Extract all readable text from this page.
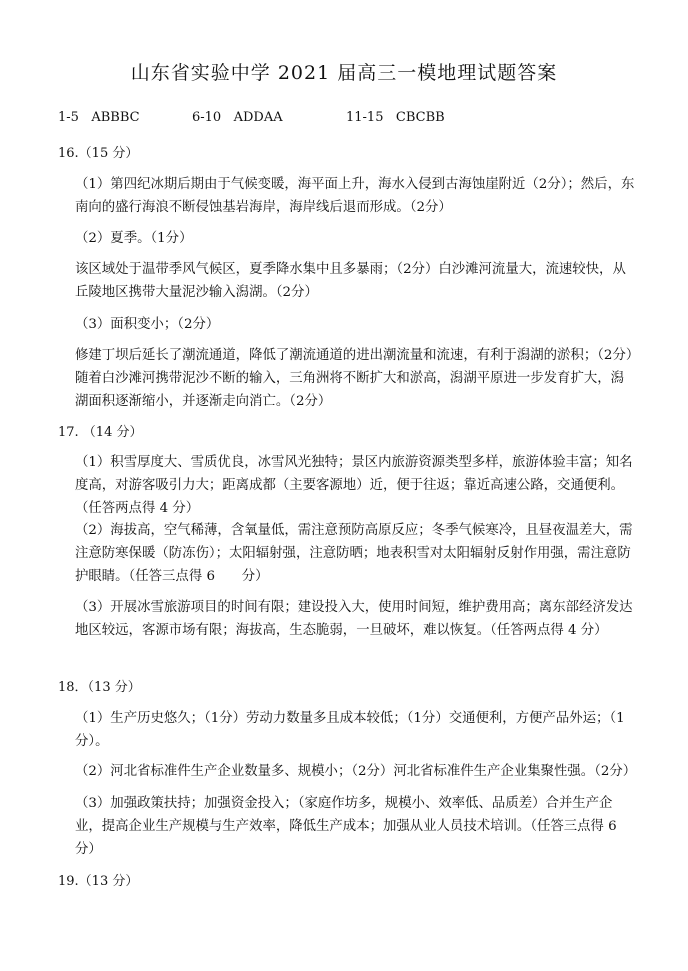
山东省实验中学 2021 届高三一模地理试题答案
1-5 ABBBC	6-10 ADDAA	11-15 CBCBB
16.（15 分）
（1）第四纪冰期后期由于气候变暖，海平面上升，海水入侵到古海蚀崖附近（2分）；然后，东南向的盛行海浪不断侵蚀基岩海岸，海岸线后退而形成。（2分）
（2）夏季。（1分）
该区域处于温带季风气候区，夏季降水集中且多暴雨；（2分）白沙滩河流量大，流速较快，从丘陵地区携带大量泥沙输入潟湖。（2分）
（3）面积变小；（2分）
修建丁坝后延长了潮流通道，降低了潮流通道的进出潮流量和流速，有利于潟湖的淤积；（2分）随着白沙滩河携带泥沙不断的输入，三角洲将不断扩大和淤高，潟湖平原进一步发育扩大，潟湖面积逐渐缩小，并逐渐走向消亡。（2分）
17. （14 分）
（1）积雪厚度大、雪质优良，冰雪风光独特；景区内旅游资源类型多样，旅游体验丰富；知名度高，对游客吸引力大；距离成都（主要客源地）近，便于往返；靠近高速公路，交通便利。（任答两点得 4 分）
（2）海拔高，空气稀薄，含氧量低，需注意预防高原反应；冬季气候寒冷，且昼夜温差大，需注意防寒保暖（防冻伤）；太阳辐射强，注意防晒；地表积雪对太阳辐射反射作用强，需注意防护眼睛。（任答三点得 6　　分）
（3）开展冰雪旅游项目的时间有限；建设投入大，使用时间短，维护费用高；离东部经济发达地区较远，客源市场有限；海拔高，生态脆弱，一旦破坏，难以恢复。（任答两点得 4 分）
18．（13 分）
（1）生产历史悠久；（1分）劳动力数量多且成本较低；（1分）交通便利，方便产品外运；（1分）。
（2）河北省标准件生产企业数量多、规模小；（2分）河北省标准件生产企业集聚性强。（2分）
（3）加强政策扶持；加强资金投入；（家庭作坊多，规模小、效率低、品质差）合并生产企业，提高企业生产规模与生产效率，降低生产成本；加强从业人员技术培训。（任答三点得 6 分）
19.（13 分）
